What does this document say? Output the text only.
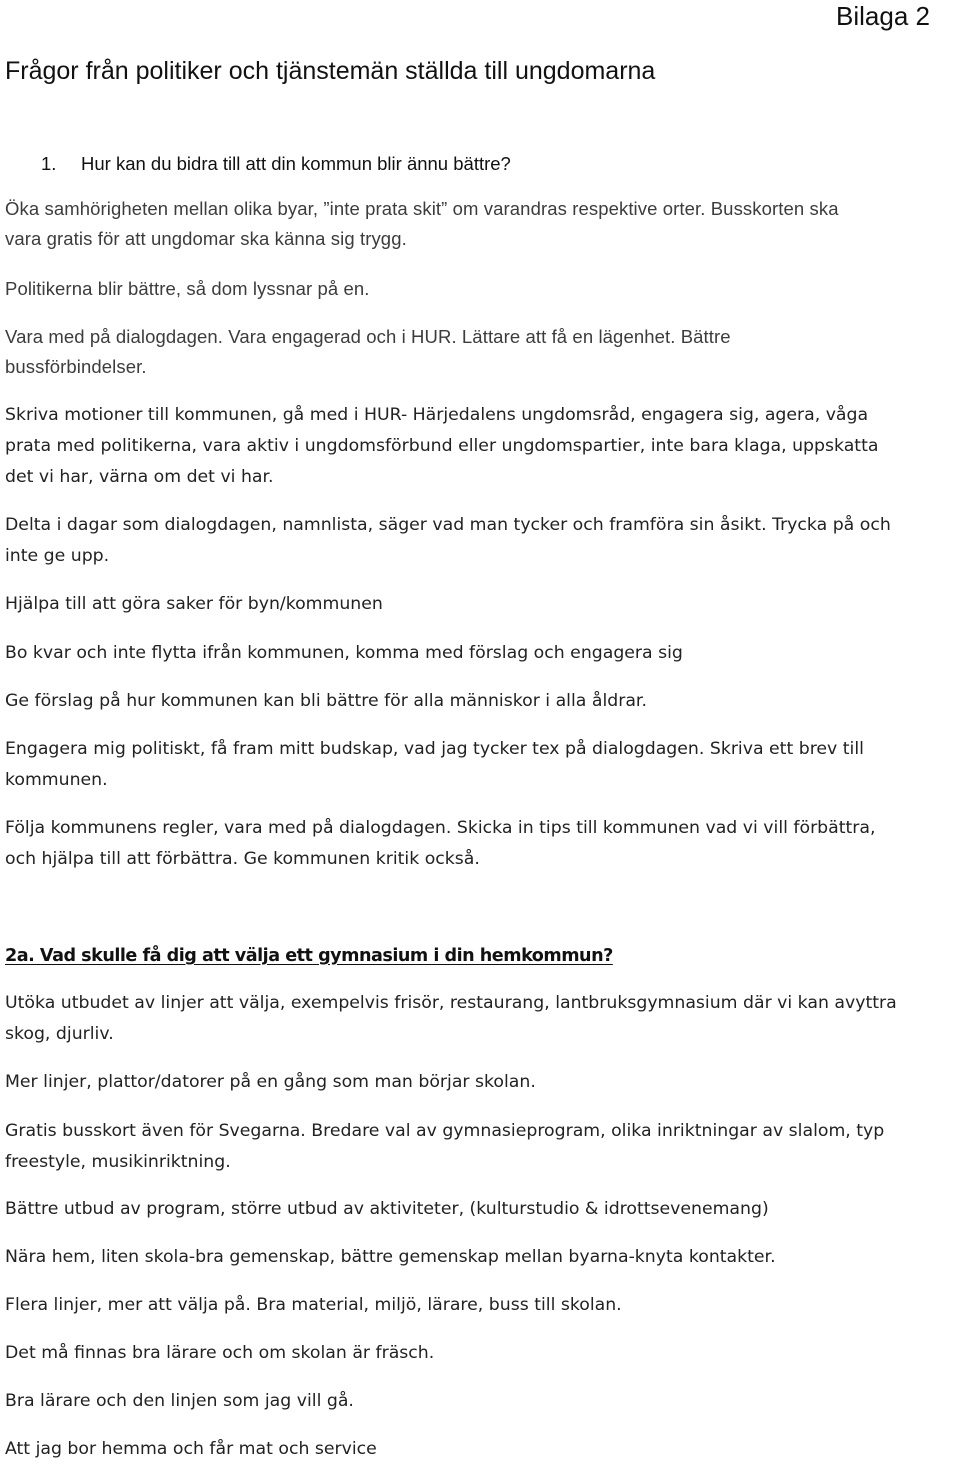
Bilaga 2
Frågor från politiker och tjänstemän ställda till ungdomarna
1. Hur kan du bidra till att din kommun blir ännu bättre?

Öka samhörigheten mellan olika byar, ”inte prata skit” om varandras respektive orter. Busskorten ska
vara gratis för att ungdomar ska känna sig trygg.

Politikerna blir bättre, så dom lyssnar på en.

Vara med på dialogdagen. Vara engagerad och i HUR. Lättare att få en lägenhet. Bättre
bussförbindelser.

Skriva motioner till kommunen, gå med i HUR- Härjedalens ungdomsråd, engagera sig, agera, våga
prata med politikerna, vara aktiv i ungdomsförbund eller ungdomspartier, inte bara klaga, uppskatta
det vi har, värna om det vi har.

Delta i dagar som dialogdagen, namnlista, säger vad man tycker och framföra sin åsikt. Trycka på och
inte ge upp.

Hjälpa till att göra saker för byn/kommunen

Bo kvar och inte flytta ifrån kommunen, komma med förslag och engagera sig

Ge förslag på hur kommunen kan bli bättre för alla människor i alla åldrar.

Engagera mig politiskt, få fram mitt budskap, vad jag tycker tex på dialogdagen. Skriva ett brev till
kommunen.

Följa kommunens regler, vara med på dialogdagen. Skicka in tips till kommunen vad vi vill förbättra,
och hjälpa till att förbättra. Ge kommunen kritik också.

2a. Vad skulle få dig att välja ett gymnasium i din hemkommun?

Utöka utbudet av linjer att välja, exempelvis frisör, restaurang, lantbruksgymnasium där vi kan avyttra
skog, djurliv.

Mer linjer, plattor/datorer på en gång som man börjar skolan.

Gratis busskort även för Svegarna. Bredare val av gymnasieprogram, olika inriktningar av slalom, typ
freestyle, musikinriktning.

Bättre utbud av program, större utbud av aktiviteter, (kulturstudio & idrottsevenemang)

Nära hem, liten skola-bra gemenskap, bättre gemenskap mellan byarna-knyta kontakter.

Flera linjer, mer att välja på. Bra material, miljö, lärare, buss till skolan.

Det må finnas bra lärare och om skolan är fräsch.

Bra lärare och den linjen som jag vill gå.

Att jag bor hemma och får mat och service
